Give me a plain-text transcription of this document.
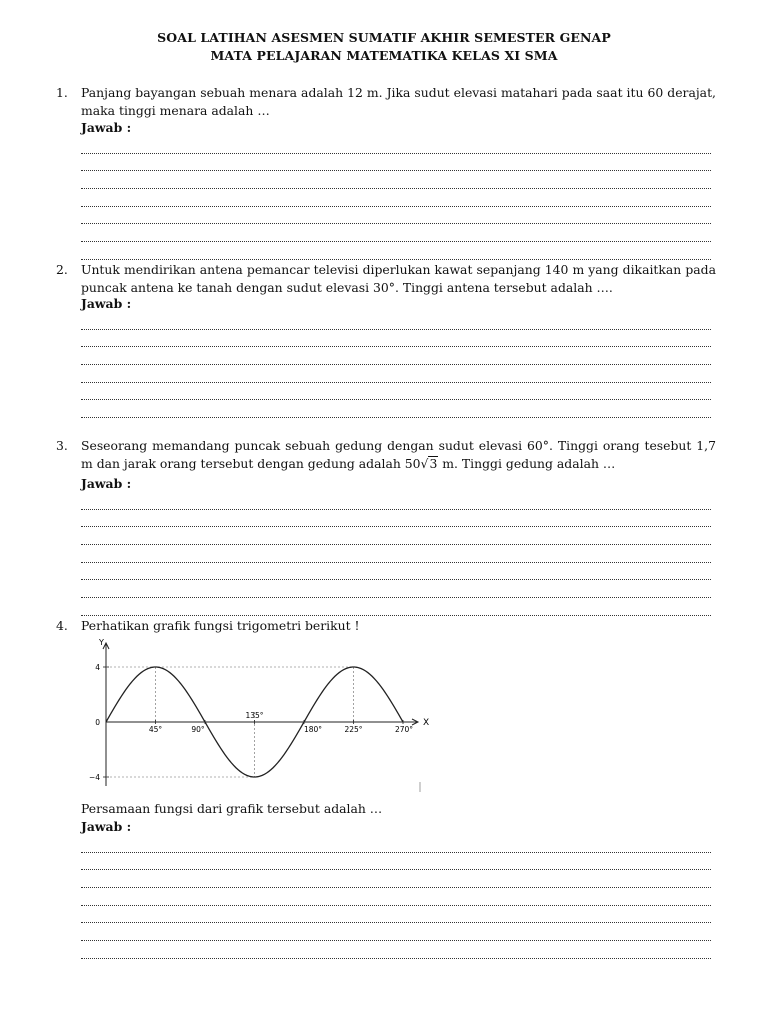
SOAL LATIHAN ASESMEN SUMATIF AKHIR SEMESTER GENAP
MATA PELAJARAN MATEMATIKA KELAS XI SMA
1. Panjang bayangan sebuah menara adalah 12 m. Jika sudut elevasi matahari pada saat itu 60 derajat, maka tinggi menara adalah …
Jawab :
2. Untuk mendirikan antena pemancar televisi diperlukan kawat sepanjang 140 m yang dikaitkan pada puncak antena ke tanah dengan sudut elevasi 30°. Tinggi antena tersebut adalah ….
Jawab :
3. Seseorang memandang puncak sebuah gedung dengan sudut elevasi 60°. Tinggi orang tesebut 1,7 m dan jarak orang tersebut dengan gedung adalah 50√3 m. Tinggi gedung adalah …
Jawab :
4. Perhatikan grafik fungsi trigometri berikut !
Y
X
4
0
−4
45°	90°
135°
180°	225°	270°
Persamaan fungsi dari grafik tersebut adalah …
Jawab :
